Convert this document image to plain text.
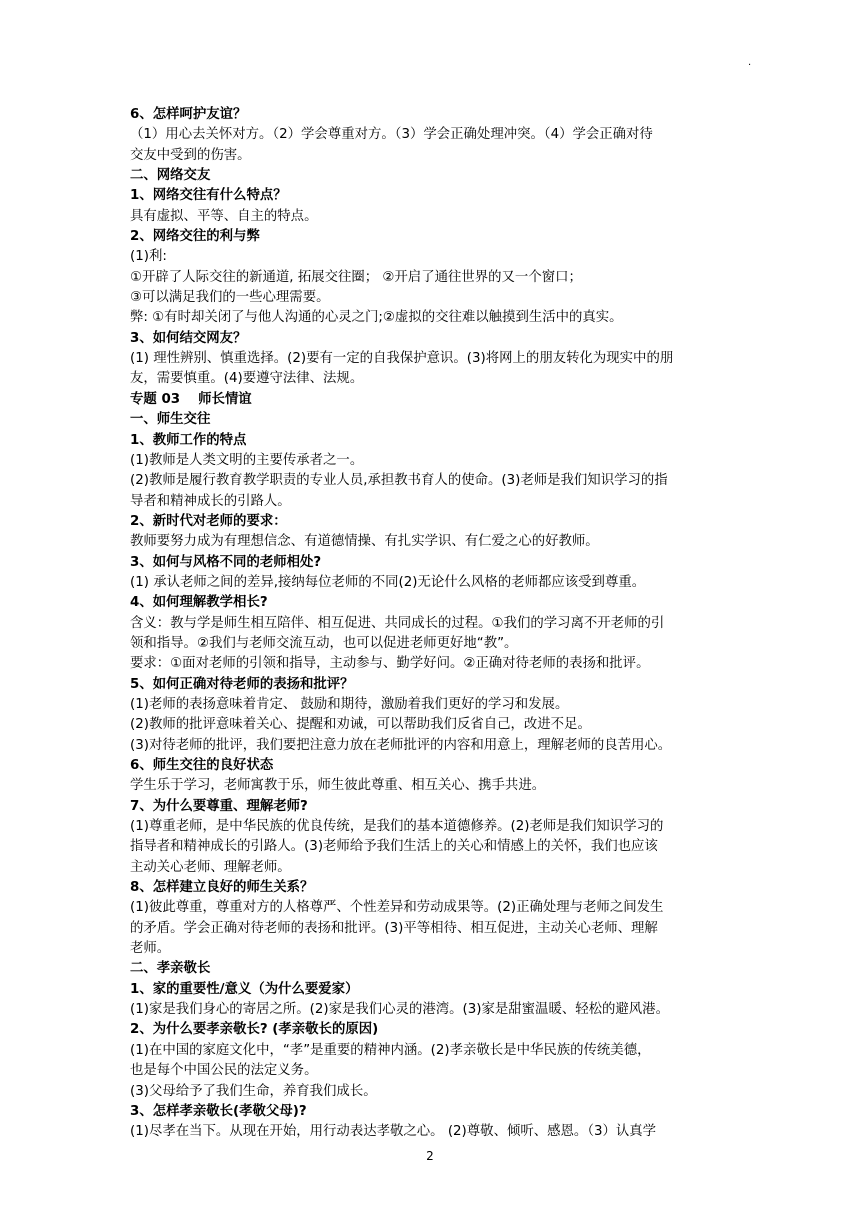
.
6、怎样呵护友谊？
（1）用心去关怀对方。（2）学会尊重对方。（3）学会正确处理冲突。（4）学会正确对待
交友中受到的伤害。
二、网络交友
1、网络交往有什么特点？
具有虚拟、平等、自主的特点。
2、网络交往的利与弊
(1)利:
①开辟了人际交往的新通道, 拓展交往圈； ②开启了通往世界的又一个窗口；
③可以满足我们的一些心理需要。
弊: ①有时却关闭了与他人沟通的心灵之门;②虚拟的交往难以触摸到生活中的真实。
3、如何结交网友？
(1) 理性辨别、慎重选择。(2)要有一定的自我保护意识。(3)将网上的朋友转化为现实中的朋
友，需要慎重。(4)要遵守法律、法规。
专题 03　 师长情谊
一、师生交往
1、教师工作的特点
(1)教师是人类文明的主要传承者之一。
(2)教师是履行教育教学职责的专业人员,承担教书育人的使命。(3)老师是我们知识学习的指
导者和精神成长的引路人。
2、新时代对老师的要求：
教师要努力成为有理想信念、有道德情操、有扎实学识、有仁爱之心的好教师。
3、如何与风格不同的老师相处?
(1) 承认老师之间的差异,接纳每位老师的不同(2)无论什么风格的老师都应该受到尊重。
4、如何理解教学相长?
含义：教与学是师生相互陪伴、相互促进、共同成长的过程。①我们的学习离不开老师的引
领和指导。②我们与老师交流互动，也可以促进老师更好地“教”。
要求：①面对老师的引领和指导，主动参与、勤学好问。②正确对待老师的表扬和批评。
5、如何正确对待老师的表扬和批评？
(1)老师的表扬意味着肯定、 鼓励和期待，激励着我们更好的学习和发展。
(2)教师的批评意味着关心、提醒和劝诫，可以帮助我们反省自己，改进不足。
(3)对待老师的批评，我们要把注意力放在老师批评的内容和用意上，理解老师的良苦用心。
6、师生交往的良好状态
学生乐于学习，老师寓教于乐，师生彼此尊重、相互关心、携手共进。
7、为什么要尊重、理解老师?
(1)尊重老师，是中华民族的优良传统，是我们的基本道德修养。(2)老师是我们知识学习的
指导者和精神成长的引路人。(3)老师给予我们生活上的关心和情感上的关怀，我们也应该
主动关心老师、理解老师。
8、怎样建立良好的师生关系？
(1)彼此尊重，尊重对方的人格尊严、个性差异和劳动成果等。(2)正确处理与老师之间发生
的矛盾。学会正确对待老师的表扬和批评。(3)平等相待、相互促进，主动关心老师、理解
老师。
二、孝亲敬长
1、家的重要性/意义（为什么要爱家）
(1)家是我们身心的寄居之所。(2)家是我们心灵的港湾。(3)家是甜蜜温暖、轻松的避风港。
2、为什么要孝亲敬长? (孝亲敬长的原因)
(1)在中国的家庭文化中，“孝”是重要的精神内涵。(2)孝亲敬长是中华民族的传统美德，
也是每个中国公民的法定义务。
(3)父母给予了我们生命，养育我们成长。
3、怎样孝亲敬长(孝敬父母)?
(1)尽孝在当下。从现在开始，用行动表达孝敬之心。 (2)尊敬、倾听、感恩。（3）认真学
2
